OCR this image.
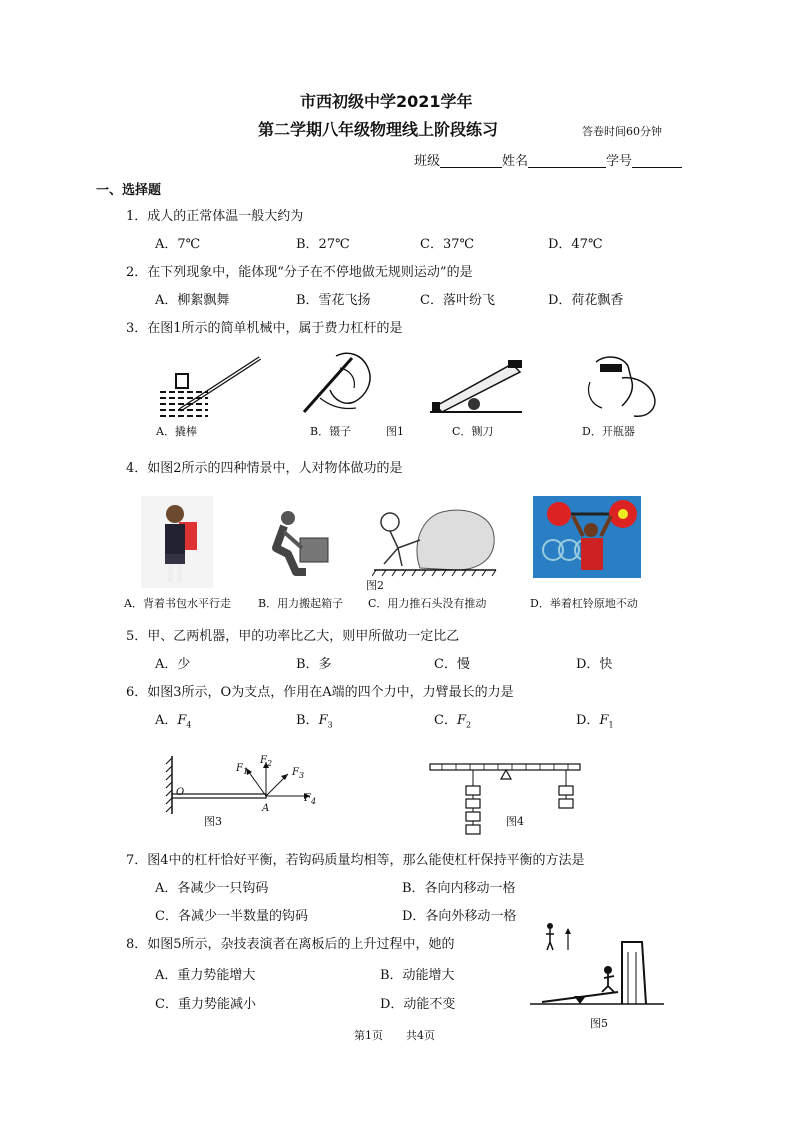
市西初级中学2021学年
第二学期八年级物理线上阶段练习	答卷时间60分钟
班级	姓名	学号
一、选择题
1．成人的正常体温一般大约为
A．7℃	B．27℃	C．37℃	D．47℃
2．在下列现象中，能体现“分子在不停地做无规则运动”的是
A．柳絮飘舞	B．雪花飞扬	C．落叶纷飞	D．荷花飘香
3．在图1所示的简单机械中，属于费力杠杆的是
A．撬棒	B．镊子	图1	C．铡刀	D．开瓶器
4．如图2所示的四种情景中，人对物体做功的是
图2
A．背着书包水平行走 B．用力搬起箱子 C．用力推石头没有推动	D．举着杠铃原地不动
5．甲、乙两机器，甲的功率比乙大，则甲所做功一定比乙
A．少	B．多	C．慢	D．快
6．如图3所示，O为支点，作用在A端的四个力中，力臂最长的力是
A．$F_4$	B．$F_3$	C．$F_2$	D．$F_1$
O
A
$F_1$
$F_2$
$F_3$
$F_4$
图3	图4
7．图4中的杠杆恰好平衡，若钩码质量均相等，那么能使杠杆保持平衡的方法是
A．各减少一只钩码	B．各向内移动一格
C．各减少一半数量的钩码	D．各向外移动一格
8．如图5所示，杂技表演者在离板后的上升过程中，她的
A．重力势能增大	B．动能增大
C．重力势能减小	D．动能不变
图5
第1页 共4页
